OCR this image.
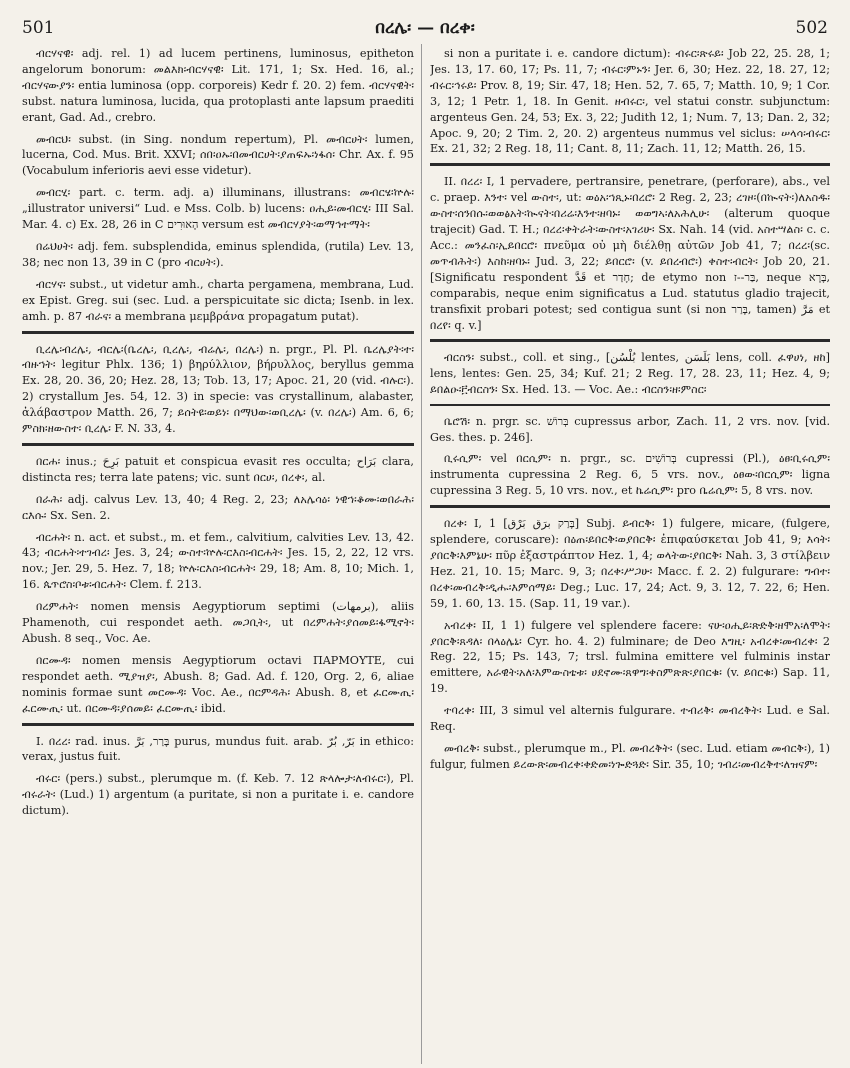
501	በረሌ፡ — በረቀ፡	502
ብርሃናዊ፡ adj. rel. 1) ad lucem pertinens, luminosus, epitheton angelorum bonorum: መልእክ፡ብርሃናዊ፡ Lit. 171, 1; Sx. Hed. 16, al.; ብርሃናውያን፡ entia luminosa (opp. corporeis) Kedr f. 20. 2) fem. ብርሃናዊት፡ subst. natura luminosa, lucida, qua protoplasti ante lapsum praediti erant, Gad. Ad., crebro.
መብርህ፡ subst. (in Sing. nondum repertum), Pl. መብርሀት፡ lumen, lucerna, Cod. Mus. Brit. XXVI; ሰበ፡ዐኡ፡በመብርሀት፡ያጠፍኡ፡ነፋሰ፡ Chr. Ax. f. 95 (Vocabulum inferioris aevi esse videtur).
መብርሂ፡ part. c. term. adj. a) illuminans, illustrans: መብርሄ፡ኵሉ፡ „illustrator universi“ Lud. e Mss. Colb. b) lucens: ዐሒይ፡መብርሂ፡ III Sal. Mar. 4. c) Ex. 28, 26 in C הָאוּרִים versum est መብርሃያት፡ወማኅተማት፡
በሬህሀት፡ adj. fem. subsplendida, eminus splendida, (rutila) Lev. 13, 38; nec non 13, 39 in C (pro ብርሀት፡).
ብርሃና፡ subst., ut videtur amh., charta pergamena, membrana, Lud. ex Epist. Greg. sui (sec. Lud. a perspicuitate sic dicta; Isenb. in lex. amh. p. 87 ብራና፡ a membrana μεμβράνα propagatum putat).
ቢረሌ፡ብረሌ፡, ብርሌ፡(ቤረሌ፡, ቢረሌ፡, ብሬሌ፡, በረሌ፡) n. prgr., Pl. Pl. ቤረሌያት፡ተ፡ብዙኀት፡ legitur Phlx. 136; 1) βηρύλλιον, βήρυλλος, beryllus gemma Ex. 28, 20. 36, 20; Hez. 28, 13; Tob. 13, 17; Apoc. 21, 20 (vid. ብሉር፡). 2) crystallum Jes. 54, 12. 3) in specie: vas crystallinum, alabaster, ἀλάβαστρον Matth. 26, 7; ይሰትዩ፡ወይነ፡ በማህው፡ወቢረሌ፡ (v. በረሌ፡) Am. 6, 6; ምስክ፡ዘውስተ፡ ቢረሌ፡ F. N. 33, 4.
በርሐ፡ inus.; بَرِحَ patuit et conspicua evasit res occulta; بَرَاح clara, distincta res; terra late patens; vic. sunt በርሀ፡, በረቀ፡, al.
በራሕ፡ adj. calvus Lev. 13, 40; 4 Reg. 2, 23; ለአሌሳዕ፡ ነዊኀ፡ቆሙ፡ወበራሕ፡ርእሱ፡ Sx. Sen. 2.
ብርሐት፡ n. act. et subst., m. et fem., calvitium, calvities Lev. 13, 42. 43; ብርሐት፡ተገብረ፡ Jes. 3, 24; ውስተ፡ኵሉ፡ርእስ፡ብርሐት፡ Jes. 15, 2, 22, 12 vrs. nov.; Jer. 29, 5. Hez. 7, 18; ኵሉ፡ርእስ፡ብርሐት፡ 29, 18; Am. 8, 10; Mich. 1, 16. ጴጥሮስ፡ቦቱ፡ብርሐት፡ Clem. f. 213.
በረምሐት፡ nomen mensis Aegyptiorum septimi (برمهات), aliis Phamenoth, cui respondet aeth. መጋቢት፡, ut በረምሐት፡ያሰመይ፡ፋሚኖት፡ Abush. 8 seq., Voc. Ae.
በርሙዳ፡ nomen mensis Aegyptiorum octavi ΠΑΡΜΟΥΤΕ, cui respondet aeth. ሚያዝያ፡, Abush. 8; Gad. Ad. f. 120, Org. 2, 6, aliae nominis formae sunt መርሙዳ፡ Voc. Ae., በርምዳሕ፡ Abush. 8, et ፈርሙጢ፡ ፈርሙጢ፡ ut. በርሙዳ፡ያሰመይ፡ ፈርሙጢ፡ ibid.
I. በረረ፡ rad. inus. בָּרַר, بَرَّ purus, mundus fuit. arab. بَرّ, بُرّ in ethico: verax, justus fuit.
ብሩር፡ (pers.) subst., plerumque m. (f. Keb. 7. 12 ጽላሎታ፡ለብሩር፡), Pl. ብሩራት፡ (Lud.) 1) argentum (a puritate, si non a puritate i. e. candore dictum).
si non a puritate i. e. candore dictum): ብሩር፡ጽሩይ፡ Job 22, 25. 28, 1; Jes. 13, 17. 60, 17; Ps. 11, 7; ብሩር፡ምኑን፡ Jer. 6, 30; Hez. 22, 18. 27, 12; ብሩር፡ኅሩይ፡ Prov. 8, 19; Sir. 47, 18; Hen. 52, 7. 65, 7; Matth. 10, 9; 1 Cor. 3, 12; 1 Petr. 1, 18. In Genit. ዘብሩር፡, vel statui constr. subjunctum: argenteus Gen. 24, 53; Ex. 3, 22; Judith 12, 1; Num. 7, 13; Dan. 2, 32; Apoc. 9, 20; 2 Tim. 2, 20. 2) argenteus nummus vel siclus: ሠላሳ፡ብሩር፡ Ex. 21, 32; 2 Reg. 18, 11; Cant. 8, 11; Zach. 11, 12; Matth. 26, 15.
II. በረረ፡ I, 1 pervadere, pertransire, penetrare, (perforare), abs., vel c. praep. እንተ፡ vel ውስተ፡, ut: ወዕአ፡ኀጺኑ፡በረሮ፡ 2 Reg. 2, 23; ረገዞ፡(በኲናት፡)ለአስዱ፡ውስተ፡ሰንበሱ፡ወወፅአት፡ኲናት፡በሪሬ፡እንተ፡ዘባኑ፡ ወወግኣ፡ለአሕሊሁ፡ (alterum quoque trajecit) Gad. T. H.; በረረ፡ቀትራት፡ውስተ፡አገሪሁ፡ Sx. Nah. 14 (vid. አስተሣልስ፡ c. c. Acc.: መንፈስ፡ኢይበርሮ፡ πνεῦμα οὐ μὴ διέλθῃ αὐτῶν Job 41, 7; በረረ፡(sc. መጥብሕት፡) እስከ፡ዘባኑ፡ Jud. 3, 22; ይበርሮ፡ (v. ይበረብሮ፡) ቀስተ፡ብርት፡ Job 20, 21. [Significatu respondent قَدَّ et חָדַר; de etymo non בַּר--ז, neque בָּרָא, comparabis, neque enim significatus a Lud. statutus gladio trajecit, transfixit probari potest; sed contigua sunt (si non בָּרַר, tamen) مَرَّ et በረየ፡ q. v.]
ብርስን፡ subst., coll. et sing., [بُلْسُن lentes, بَلَسَن lens, coll. ፈዋሀነ, ዘከ] lens, lentes: Gen. 25, 34; Kuf. 21; 2 Reg. 17, 28. 23, 11; Hez. 4, 9; ይበልዑ፡፫ብርስን፡ Sx. Hed. 13. — Voc. Ae.: ብርስን፡ዘ፡ምስር፡
ቤሮሽ፡ n. prgr. sc. בְּרוֹשׁ cupressus arbor, Zach. 11, 2 vrs. nov. [vid. Ges. thes. p. 246].
ቢሩሲም፡ vel በርሲም፡ n. prgr., sc. בְּרוֹשִׁים cupressi (Pl.), ዕፀ፡ቢሩሲም፡ instrumenta cupressina 2 Reg. 6, 5 vrs. nov., ዕፀው፡በርሲም፡ ligna cupressina 3 Reg. 5, 10 vrs. nov., et ኬሬሲም፡ pro ቤሬሲም፡ 5, 8 vrs. nov.
በረቀ፡ I, 1 [בָּרַק برَق بَرْق] Subj. ይብርቅ፡ 1) fulgere, micare, (fulgere, splendere, coruscare): በዕጠ፡ይበርቅ፡ወያበርቅ፡ ἐπιφαύσκεται Job 41, 9; እሳት፡ያበርቅ፡እምኔሁ፡ πῦρ ἐξαστράπτον Hez. 1, 4; ወላትው፡ያበርቅ፡ Nah. 3, 3 στίλβειν Hez. 21, 10. 15; Marc. 9, 3; በረቀ፡ሥጋሁ፡ Macc. f. 2. 2) fulgurare: ግብተ፡በረቀ፡መብረቅ፡ዲሑ፡እምሰማይ፡ Deg.; Luc. 17, 24; Act. 9, 3. 12, 7. 22, 6; Hen. 59, 1. 60, 13. 15. (Sap. 11, 19 var.).
አብረቀ፡ II, 1 1) fulgere vel splendere facere: ናሁ፡ዐሒይ፡ጽድቅ፡ዘሞአ፡ለሞት፡ያበርቅ፡ጸዳለ፡ በላዕሌኒ፡ Cyr. ho. 4. 2) fulminare; de Deo እግዚ፡ አብረቀ፡መብረቀ፡ 2 Reg. 22, 15; Ps. 143, 7; trsl. fulmina emittere vel fulminis instar emittere, አራዊት፡አለ፡እምውስቴቱ፡ ሀደኖሙ፡ጸዋግ፡ቀስምጽጽ፡ያበርቁ፡ (v. ይበርቁ፡) Sap. 11, 19.
ተባረቀ፡ III, 3 simul vel alternis fulgurare. ተብሪቅ፡ መብረቅት፡ Lud. e Sal. Req.
መብረቅ፡ subst., plerumque m., Pl. መብረቅት፡ (sec. Lud. etiam መብርቅ፡), 1) fulgur, fulmen ይረውጽ፡መብረቀ፡ቀድመ፡ነጐድጓድ፡ Sir. 35, 10; ገብረ፡መብረቅተ፡ለዝናም፡
